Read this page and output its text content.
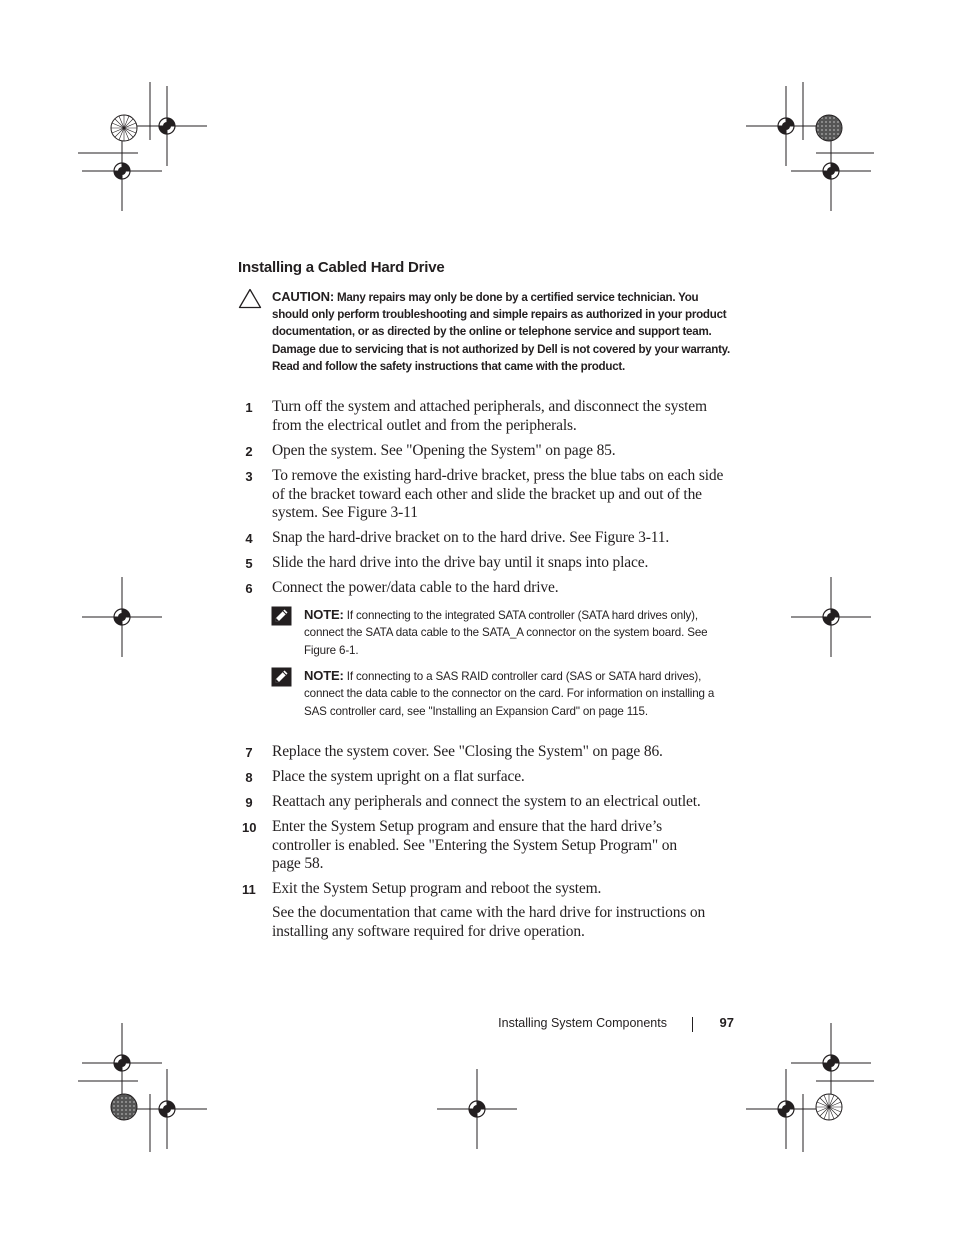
Installing a Cabled Hard Drive

CAUTION: Many repairs may only be done by a certified service technician. You should only perform troubleshooting and simple repairs as authorized in your product documentation, or as directed by the online or telephone service and support team. Damage due to servicing that is not authorized by Dell is not covered by your warranty. Read and follow the safety instructions that came with the product.

1	Turn off the system and attached peripherals, and disconnect the system from the electrical outlet and from the peripherals.
2	Open the system. See "Opening the System" on page 85.
3	To remove the existing hard-drive bracket, press the blue tabs on each side of the bracket toward each other and slide the bracket up and out of the system. See Figure 3-11
4	Snap the hard-drive bracket on to the hard drive. See Figure 3-11.
5	Slide the hard drive into the drive bay until it snaps into place.
6	Connect the power/data cable to the hard drive.

NOTE: If connecting to the integrated SATA controller (SATA hard drives only), connect the SATA data cable to the SATA_A connector on the system board. See Figure 6-1.

NOTE: If connecting to a SAS RAID controller card (SAS or SATA hard drives), connect the data cable to the connector on the card. For information on installing a SAS controller card, see "Installing an Expansion Card" on page 115.

7	Replace the system cover. See "Closing the System" on page 86.
8	Place the system upright on a flat surface.
9	Reattach any peripherals and connect the system to an electrical outlet.
10	Enter the System Setup program and ensure that the hard drive’s controller is enabled. See "Entering the System Setup Program" on page 58.
11	Exit the System Setup program and reboot the system.

See the documentation that came with the hard drive for instructions on installing any software required for drive operation.

Installing System Components	97
